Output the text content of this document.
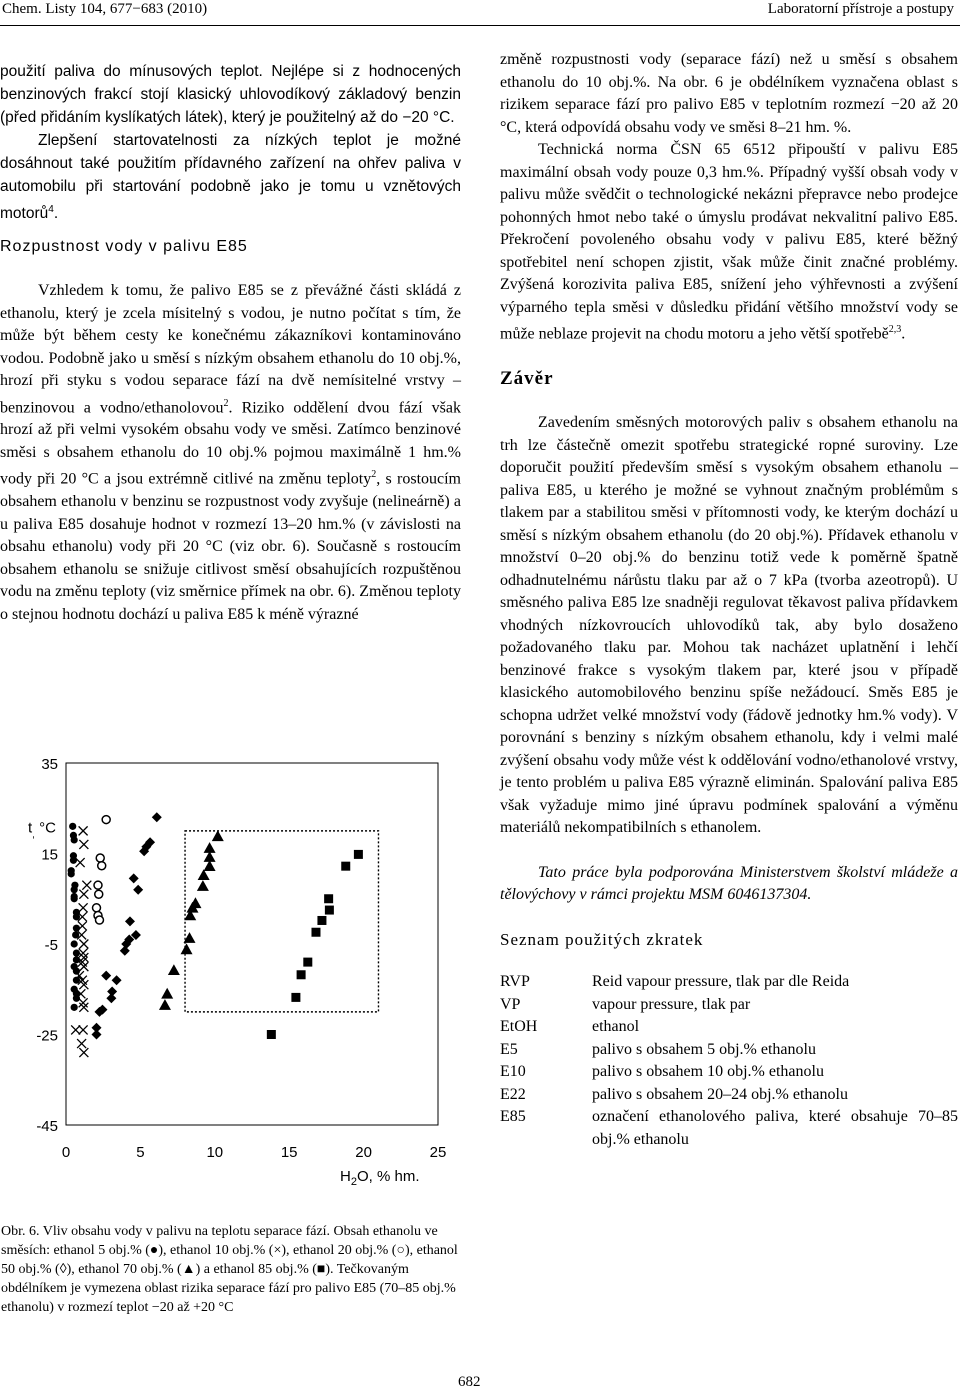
Chem. Listy 104, 677−683 (2010)	Laboratorní přístroje a postupy

použití paliva do mínusových teplot. Nejlépe si z hodnocených benzinových frakcí stojí klasický uhlovodíkový základový benzin (před přidáním kyslíkatých látek), který je použitelný až do −20 °C.

Zlepšení startovatelnosti za nízkých teplot je možné dosáhnout také použitím přídavného zařízení na ohřev paliva v automobilu při startování podobně jako je tomu u vznětových motorů$^4$.

Rozpustnost vody v palivu E85

Vzhledem k tomu, že palivo E85 se z převážné části skládá z ethanolu, který je zcela mísitelný s vodou, je nutno počítat s tím, že může být během cesty ke konečnému zákazníkovi kontaminováno vodou. Podobně jako u směsí s nízkým obsahem ethanolu do 10 obj.%, hrozí při styku s vodou separace fází na dvě nemísitelné vrstvy – benzinovou a vodno/ethanolovou$^2$. Riziko oddělení dvou fází však hrozí až při velmi vysokém obsahu vody ve směsi. Zatímco benzinové směsi s obsahem ethanolu do 10 obj.% pojmou maximálně 1 hm.% vody při 20 °C a jsou extrémně citlivé na změnu teploty$^2$, s rostoucím obsahem ethanolu v benzinu se rozpustnost vody zvyšuje (nelineárně) a u paliva E85 dosahuje hodnot v rozmezí 13–20 hm.% (v závislosti na obsahu ethanolu) vody při 20 °C (viz obr. 6). Současně s rostoucím obsahem ethanolu se snižuje citlivost směsí obsahujících rozpuštěnou vodu na změnu teploty (viz směrnice přímek na obr. 6). Změnou teploty o stejnou hodnotu dochází u paliva E85 k méně výrazné

35
15
-5
-25
-45
0	5	10	15	20	25
$t_,$ °C
$H_2O$, % hm.
Obr. 6. Vliv obsahu vody v palivu na teplotu separace fází. Obsah ethanolu ve směsích: ethanol 5 obj.% (●), ethanol 10 obj.% (×), ethanol 20 obj.% (○), ethanol 50 obj.% (◊), ethanol 70 obj.% (▲) a ethanol 85 obj.% (■). Tečkovaným obdélníkem je vymezena oblast rizika separace fází pro palivo E85 (70–85 obj.% ethanolu) v rozmezí teplot −20 až +20 °C

změně rozpustnosti vody (separace fází) než u směsí s obsahem ethanolu do 10 obj.%. Na obr. 6 je obdélníkem vyznačena oblast s rizikem separace fází pro palivo E85 v teplotním rozmezí −20 až 20 °C, která odpovídá obsahu vody ve směsi 8–21 hm. %.

Technická norma ČSN 65 6512 připouští v palivu E85 maximální obsah vody pouze 0,3 hm.%. Případný vyšší obsah vody v palivu může svědčit o technologické nekázni přepravce nebo prodejce pohonných hmot nebo také o úmyslu prodávat nekvalitní palivo E85. Překročení povoleného obsahu vody v palivu E85, které běžný spotřebitel není schopen zjistit, však může činit značné problémy. Zvýšená korozivita paliva E85, snížení jeho výhřevnosti a zvýšení výparného tepla směsi v důsledku přidání většího množství vody se může neblaze projevit na chodu motoru a jeho větší spotřebě$^{2,3}$.

Závěr

Zavedením směsných motorových paliv s obsahem ethanolu na trh lze částečně omezit spotřebu strategické ropné suroviny. Lze doporučit použití především směsí s vysokým obsahem ethanolu – paliva E85, u kterého je možné se vyhnout značným problémům s tlakem par a stabilitou směsi v přítomnosti vody, ke kterým dochází u směsí s nízkým obsahem ethanolu (do 20 obj.%). Přídavek ethanolu v množství 0–20 obj.% do benzinu totiž vede k poměrně špatně odhadnutelnému nárůstu tlaku par až o 7 kPa (tvorba azeotropů). U směsného paliva E85 lze snadněji regulovat těkavost paliva přídavkem vhodných nízkovroucích uhlovodíků tak, aby bylo dosaženo požadovaného tlaku par. Mohou tak nacházet uplatnění i lehčí benzinové frakce s vysokým tlakem par, které jsou v případě klasického automobilového benzinu spíše nežádoucí. Směs E85 je schopna udržet velké množství vody (řádově jednotky hm.% vody). V porovnání s benziny s nízkým obsahem ethanolu, kdy i velmi malé zvýšení obsahu vody může vést k oddělování vodno/ethanolové vrstvy, je tento problém u paliva E85 výrazně eliminán. Spalování paliva E85 však vyžaduje mimo jiné úpravu podmínek spalování a výměnu materiálů nekompatibilních s ethanolem.

Tato práce byla podporována Ministerstvem školství mládeže a tělovýchovy v rámci projektu MSM 6046137304.

Seznam použitých zkratek

RVP	Reid vapour pressure, tlak par dle Reida
VP	vapour pressure, tlak par
EtOH	ethanol
E5	palivo s obsahem 5 obj.% ethanolu
E10	palivo s obsahem 10 obj.% ethanolu
E22	palivo s obsahem 20–24 obj.% ethanolu
E85	označení ethanolového paliva, které obsahuje 70–85 obj.% ethanolu
682
